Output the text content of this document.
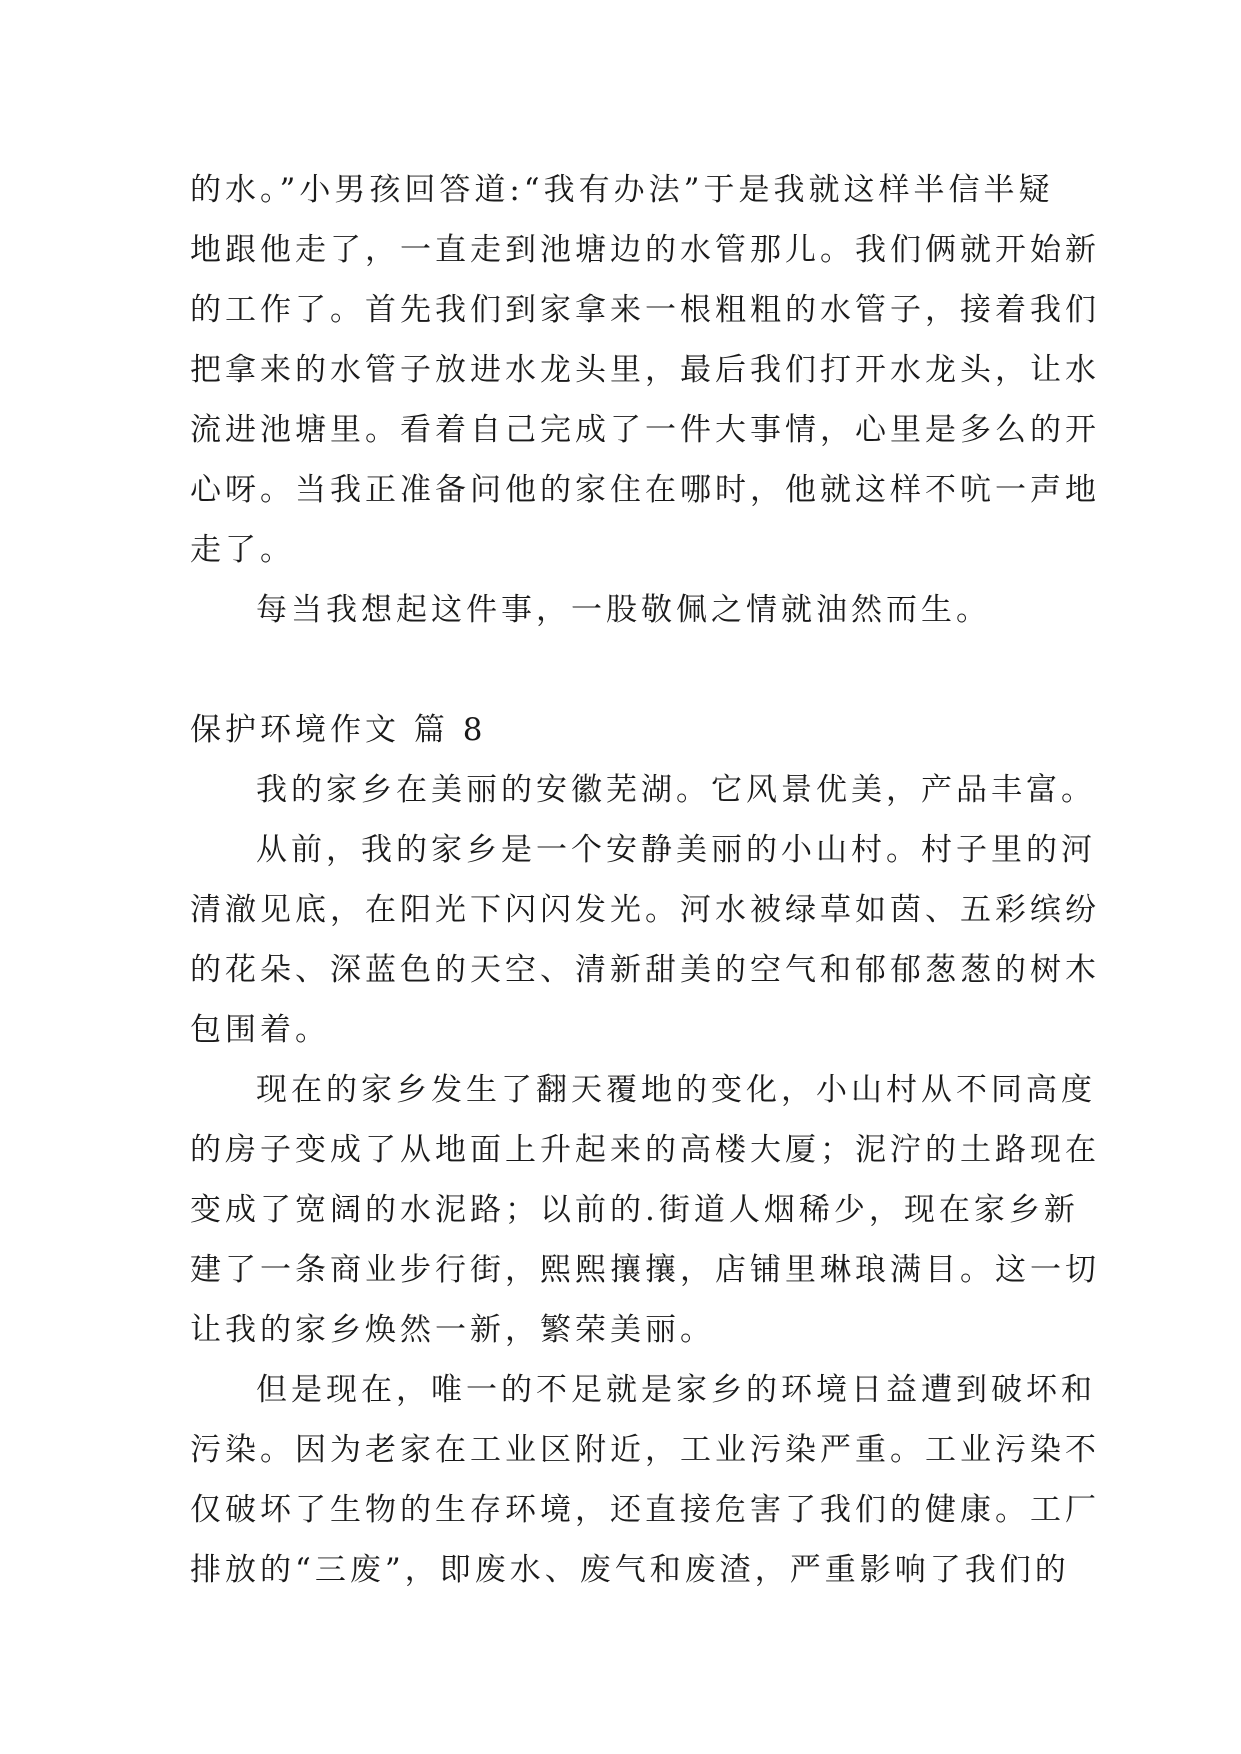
的水。”小男孩回答道:“我有办法”于是我就这样半信半疑
地跟他走了，一直走到池塘边的水管那儿。我们俩就开始新
的工作了。首先我们到家拿来一根粗粗的水管子，接着我们
把拿来的水管子放进水龙头里，最后我们打开水龙头，让水
流进池塘里。看着自己完成了一件大事情，心里是多么的开
心呀。当我正准备问他的家住在哪时，他就这样不吭一声地
走了。
每当我想起这件事，一股敬佩之情就油然而生。
保护环境作文 篇 8
我的家乡在美丽的安徽芜湖。它风景优美，产品丰富。
从前，我的家乡是一个安静美丽的小山村。村子里的河
清澈见底，在阳光下闪闪发光。河水被绿草如茵、五彩缤纷
的花朵、深蓝色的天空、清新甜美的空气和郁郁葱葱的树木
包围着。
现在的家乡发生了翻天覆地的变化，小山村从不同高度
的房子变成了从地面上升起来的高楼大厦；泥泞的土路现在
变成了宽阔的水泥路；以前的.街道人烟稀少，现在家乡新
建了一条商业步行街，熙熙攘攘，店铺里琳琅满目。这一切
让我的家乡焕然一新，繁荣美丽。
但是现在，唯一的不足就是家乡的环境日益遭到破坏和
污染。因为老家在工业区附近，工业污染严重。工业污染不
仅破坏了生物的生存环境，还直接危害了我们的健康。工厂
排放的“三废”，即废水、废气和废渣，严重影响了我们的
